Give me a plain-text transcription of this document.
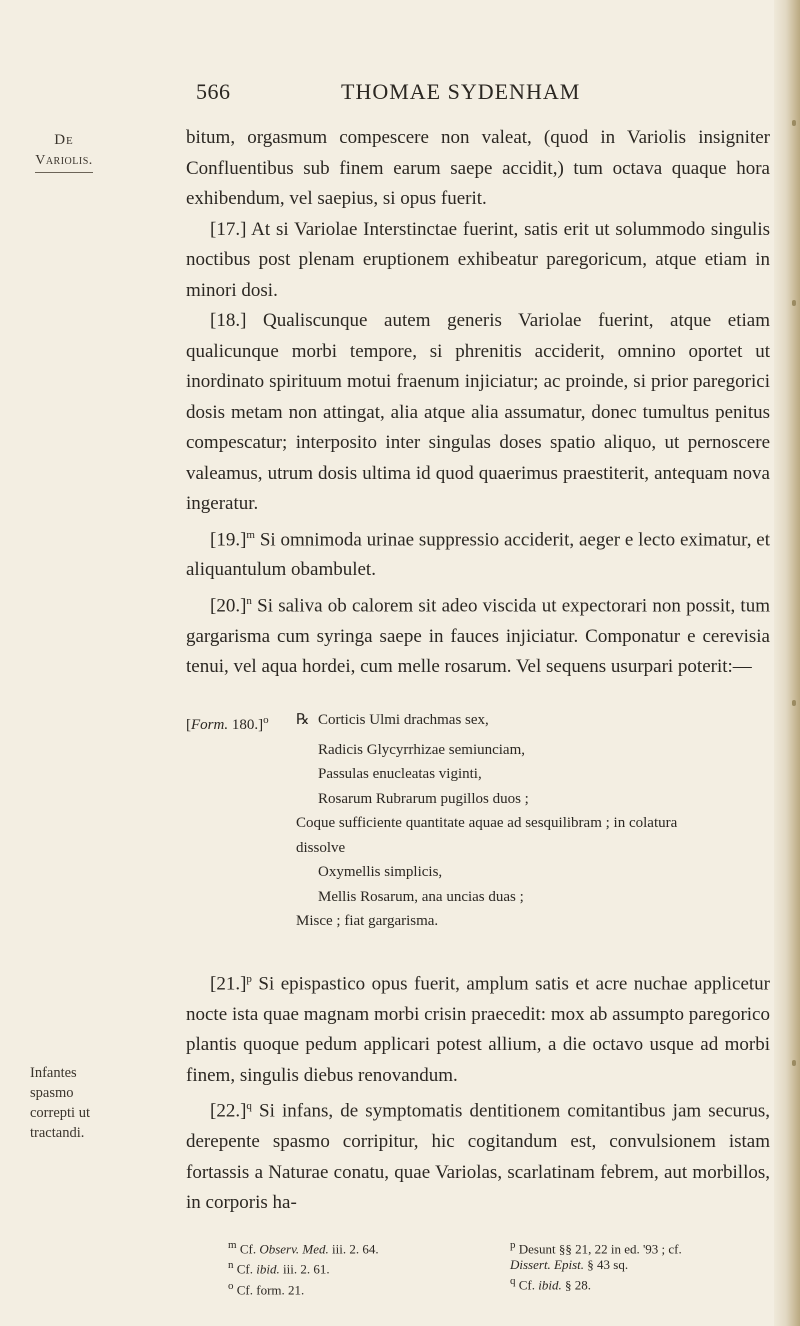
566	THOMAE SYDENHAM
De
Variolis.

bitum, orgasmum compescere non valeat, (quod in Variolis insigniter Confluentibus sub finem earum saepe accidit,) tum octava quaque hora exhibendum, vel saepius, si opus fuerit.

[17.] At si Variolae Interstinctae fuerint, satis erit ut solummodo singulis noctibus post plenam eruptionem exhibeatur paregoricum, atque etiam in minori dosi.

[18.] Qualiscunque autem generis Variolae fuerint, atque etiam qualicunque morbi tempore, si phrenitis acciderit, omnino oportet ut inordinato spirituum motui fraenum injiciatur; ac proinde, si prior paregorici dosis metam non attingat, alia atque alia assumatur, donec tumultus penitus compescatur; interposito inter singulas doses spatio aliquo, ut pernoscere valeamus, utrum dosis ultima id quod quaerimus praestiterit, antequam nova ingeratur.

$[19.]^m$ Si omnimoda urinae suppressio acciderit, aeger e lecto eximatur, et aliquantulum obambulet.

$[20.]^n$ Si saliva ob calorem sit adeo viscida ut expectorari non possit, tum gargarisma cum syringa saepe in fauces injiciatur. Componatur e cerevisia tenui, vel aqua hordei, cum melle rosarum. Vel sequens usurpari poterit:—

[Form. 180.]$^o$	℞ Corticis Ulmi drachmas sex,
Radicis Glycyrrhizae semiunciam,
Passulas enucleatas viginti,
Rosarum Rubrarum pugillos duos ;
Coque sufficiente quantitate aquae ad sesquilibram ; in colatura
dissolve
Oxymellis simplicis,
Mellis Rosarum, ana uncias duas ;
Misce ; fiat gargarisma.

$[21.]^p$ Si epispastico opus fuerit, amplum satis et acre nuchae applicetur nocte ista quae magnam morbi crisin praecedit: mox ab assumpto paregorico plantis quoque pedum applicari potest allium, a die octavo usque ad morbi finem, singulis diebus renovandum.

$[22.]^q$ Si infans, de symptomatis dentitionem comitantibus jam securus, derepente spasmo corripitur, hic cogitandum est, convulsionem istam fortassis a Naturae conatu, quae Variolas, scarlatinam febrem, aut morbillos, in corporis ha-

Infantes
spasmo
correpti ut
tractandi.
$^m$ Cf. Observ. Med. iii. 2. 64.
$^n$ Cf. ibid. iii. 2. 61.
$^o$ Cf. form. 21.
$^p$ Desunt §§ 21, 22 in ed. '93 ; cf.
Dissert. Epist. § 43 sq.
$^q$ Cf. ibid. § 28.
